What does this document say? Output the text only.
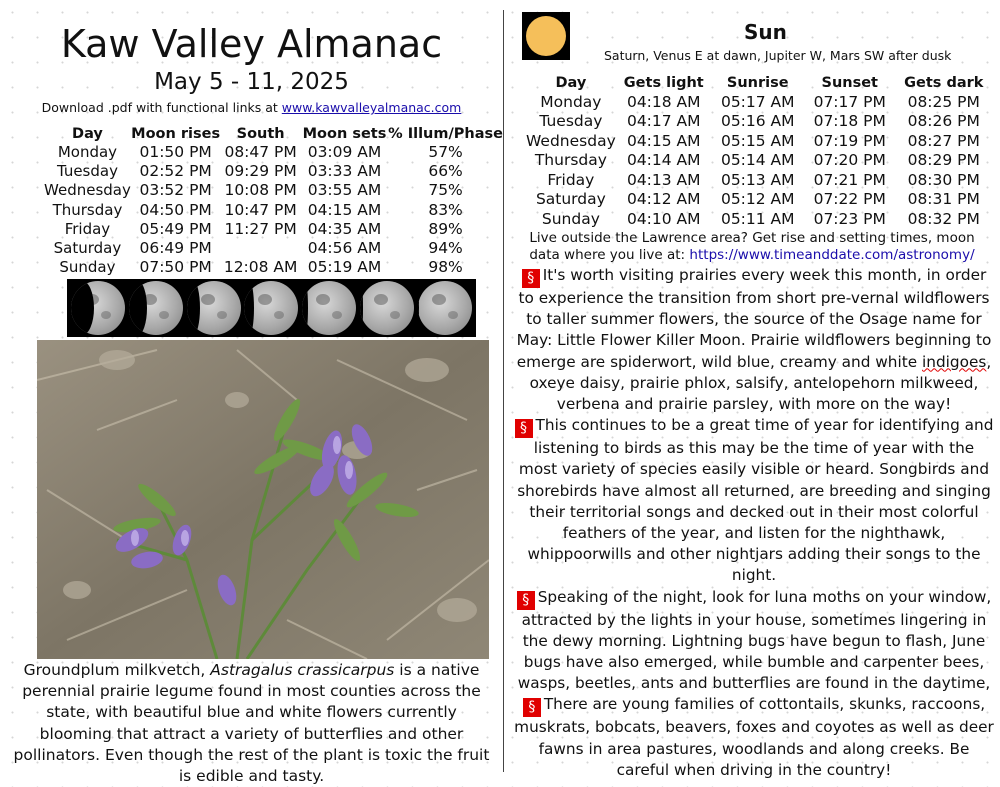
Kaw Valley Almanac
May 5 - 11, 2025
Download .pdf with functional links at www.kawvalleyalmanac.com
Day	Moon rises	South	Moon sets	% Illum/Phase
Monday	01:50 PM	08:47 PM	03:09 AM	57%
Tuesday	02:52 PM	09:29 PM	03:33 AM	66%
Wednesday	03:52 PM	10:08 PM	03:55 AM	75%
Thursday	04:50 PM	10:47 PM	04:15 AM	83%
Friday	05:49 PM	11:27 PM	04:35 AM	89%
Saturday	06:49 PM		04:56 AM	94%
Sunday	07:50 PM	12:08 AM	05:19 AM	98%
Groundplum milkvetch, Astragalus crassicarpus is a native perennial prairie legume found in most counties across the state, with beautiful blue and white flowers currently blooming that attract a variety of butterflies and other pollinators. Even though the rest of the plant is toxic the fruit is edible and tasty.
Sun
Saturn, Venus E at dawn, Jupiter W, Mars SW after dusk
Day	Gets light	Sunrise	Sunset	Gets dark
Monday	04:18 AM	05:17 AM	07:17 PM	08:25 PM
Tuesday	04:17 AM	05:16 AM	07:18 PM	08:26 PM
Wednesday	04:15 AM	05:15 AM	07:19 PM	08:27 PM
Thursday	04:14 AM	05:14 AM	07:20 PM	08:29 PM
Friday	04:13 AM	05:13 AM	07:21 PM	08:30 PM
Saturday	04:12 AM	05:12 AM	07:22 PM	08:31 PM
Sunday	04:10 AM	05:11 AM	07:23 PM	08:32 PM
Live outside the Lawrence area? Get rise and setting times, moon
data where you live at: https://www.timeanddate.com/astronomy/
§ It's worth visiting prairies every week this month, in order to experience the transition from short pre-vernal wildflowers to taller summer flowers, the source of the Osage name for May: Little Flower Killer Moon. Prairie wildflowers beginning to emerge are spiderwort, wild blue, creamy and white indigoes, oxeye daisy, prairie phlox, salsify, antelopehorn milkweed, verbena and prairie parsley, with more on the way!
§ This continues to be a great time of year for identifying and listening to birds as this may be the time of year with the most variety of species easily visible or heard. Songbirds and shorebirds have almost all returned, are breeding and singing their territorial songs and decked out in their most colorful feathers of the year, and listen for the nighthawk, whippoorwills and other nightjars adding their songs to the night.
§ Speaking of the night, look for luna moths on your window, attracted by the lights in your house, sometimes lingering in the dewy morning. Lightning bugs have begun to flash, June bugs have also emerged, while bumble and carpenter bees, wasps, beetles, ants and butterflies are found in the daytime,
§ There are young families of cottontails, skunks, raccoons, muskrats, bobcats, beavers, foxes and coyotes as well as deer fawns in area pastures, woodlands and along creeks. Be careful when driving in the country!
